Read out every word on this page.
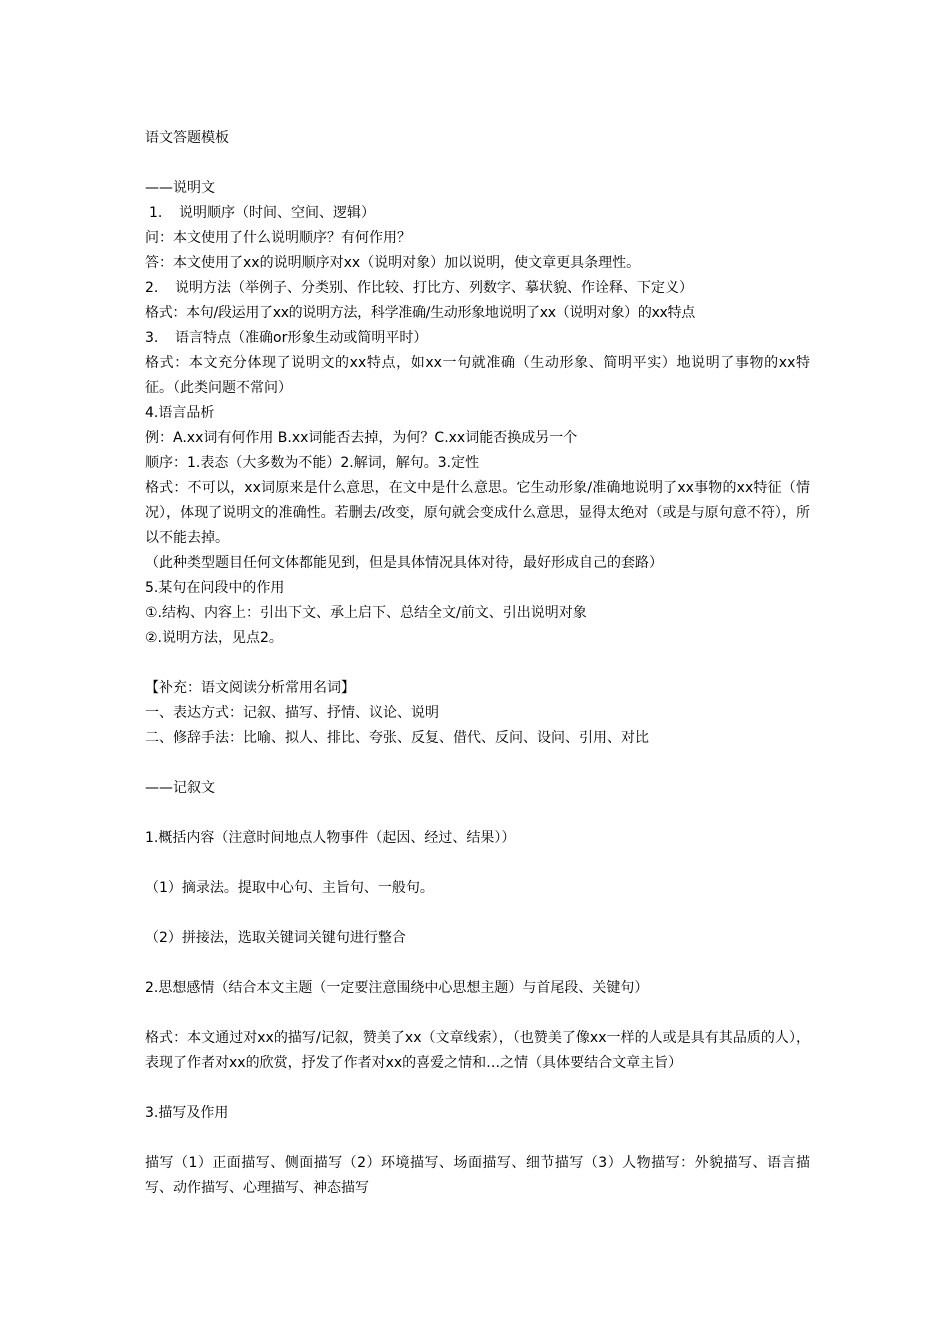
语文答题模板
——说明文
1. 说明顺序（时间、空间、逻辑）
问：本文使用了什么说明顺序？有何作用？
答：本文使用了xx的说明顺序对xx（说明对象）加以说明，使文章更具条理性。
2. 说明方法（举例子、分类别、作比较、打比方、列数字、摹状貌、作诠释、下定义）
格式：本句/段运用了xx的说明方法，科学准确/生动形象地说明了xx（说明对象）的xx特点
3. 语言特点（准确or形象生动或简明平时）
格式：本文充分体现了说明文的xx特点，如xx一句就准确（生动形象、简明平实）地说明了事物的xx特征。（此类问题不常问）
4.语言品析
例：A.xx词有何作用 B.xx词能否去掉，为何？C.xx词能否换成另一个
顺序：1.表态（大多数为不能）2.解词，解句。3.定性
格式：不可以，xx词原来是什么意思，在文中是什么意思。它生动形象/准确地说明了xx事物的xx特征（情况），体现了说明文的准确性。若删去/改变，原句就会变成什么意思，显得太绝对（或是与原句意不符），所以不能去掉。
（此种类型题目任何文体都能见到，但是具体情况具体对待，最好形成自己的套路）
5.某句在问段中的作用
①.结构、内容上：引出下文、承上启下、总结全文/前文、引出说明对象
②.说明方法，见点2。
【补充：语文阅读分析常用名词】
一、表达方式：记叙、描写、抒情、议论、说明
二、修辞手法：比喻、拟人、排比、夸张、反复、借代、反问、设问、引用、对比
——记叙文
1.概括内容（注意时间地点人物事件（起因、经过、结果））
（1）摘录法。提取中心句、主旨句、一般句。
（2）拼接法，选取关键词关键句进行整合
2.思想感情（结合本文主题（一定要注意围绕中心思想主题）与首尾段、关键句）
格式：本文通过对xx的描写/记叙，赞美了xx（文章线索），（也赞美了像xx一样的人或是具有其品质的人），表现了作者对xx的欣赏，抒发了作者对xx的喜爱之情和…之情（具体要结合文章主旨）
3.描写及作用
描写（1）正面描写、侧面描写（2）环境描写、场面描写、细节描写（3）人物描写：外貌描写、语言描写、动作描写、心理描写、神态描写
